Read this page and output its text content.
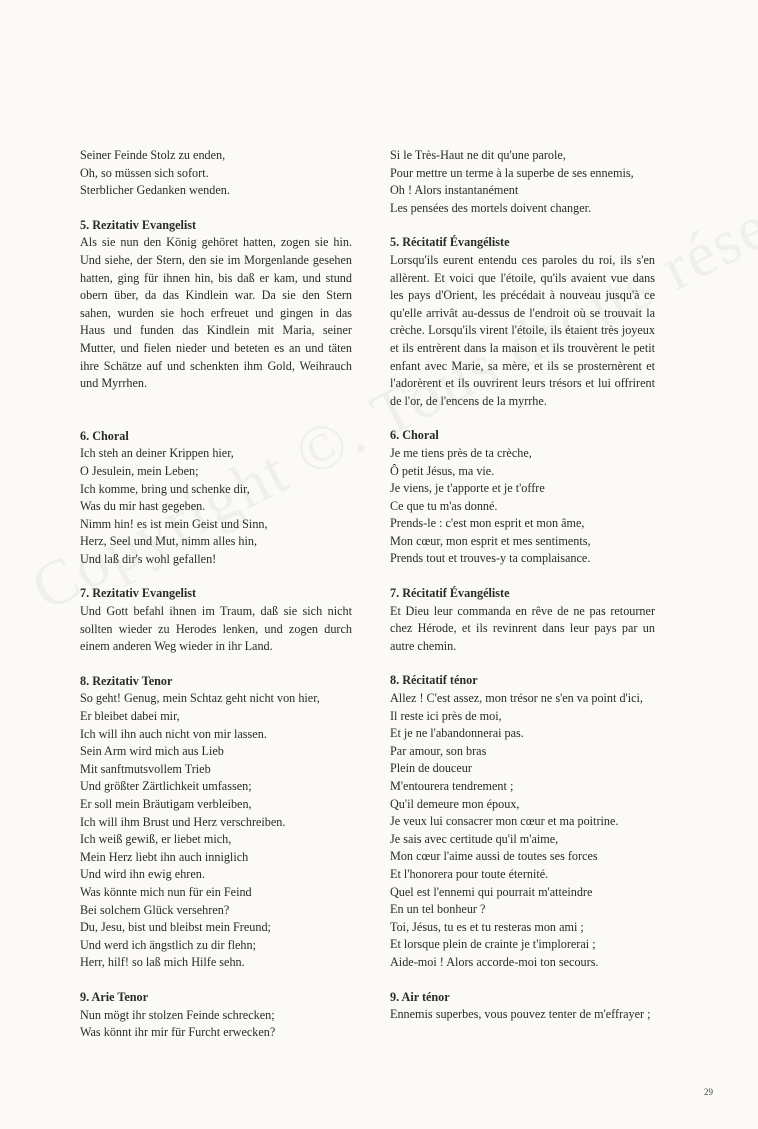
Seiner Feinde Stolz zu enden,
Oh, so müssen sich sofort.
Sterblicher Gedanken wenden.
5. Rezitativ Evangelist
Als sie nun den König gehöret hatten, zogen sie hin. Und siehe, der Stern, den sie im Morgenlande gesehen hatten, ging für ihnen hin, bis daß er kam, und stund obern über, da das Kindlein war. Da sie den Stern sahen, wurden sie hoch erfreuet und gingen in das Haus und funden das Kindlein mit Maria, seiner Mutter, und fielen nieder und beteten es an und täten ihre Schätze auf und schenkten ihm Gold, Weihrauch und Myrrhen.
6. Choral
Ich steh an deiner Krippen hier,
O Jesulein, mein Leben;
Ich komme, bring und schenke dir,
Was du mir hast gegeben.
Nimm hin! es ist mein Geist und Sinn,
Herz, Seel und Mut, nimm alles hin,
Und laß dir's wohl gefallen!
7. Rezitativ Evangelist
Und Gott befahl ihnen im Traum, daß sie sich nicht sollten wieder zu Herodes lenken, und zogen durch einem anderen Weg wieder in ihr Land.
8. Rezitativ Tenor
So geht! Genug, mein Schtaz geht nicht von hier,
Er bleibet dabei mir,
Ich will ihn auch nicht von mir lassen.
Sein Arm wird mich aus Lieb
Mit sanftmutsvollem Trieb
Und größter Zärtlichkeit umfassen;
Er soll mein Bräutigam verbleiben,
Ich will ihm Brust und Herz verschreiben.
Ich weiß gewiß, er liebet mich,
Mein Herz liebt ihn auch inniglich
Und wird ihn ewig ehren.
Was könnte mich nun für ein Feind
Bei solchem Glück versehren?
Du, Jesu, bist und bleibst mein Freund;
Und werd ich ängstlich zu dir flehn;
Herr, hilf! so laß mich Hilfe sehn.
9. Arie Tenor
Nun mögt ihr stolzen Feinde schrecken;
Was könnt ihr mir für Furcht erwecken?
Si le Très-Haut ne dit qu'une parole,
Pour mettre un terme à la superbe de ses ennemis,
Oh ! Alors instantanément
Les pensées des mortels doivent changer.
5. Récitatif Évangéliste
Lorsqu'ils eurent entendu ces paroles du roi, ils s'en allèrent. Et voici que l'étoile, qu'ils avaient vue dans les pays d'Orient, les précédait à nouveau jusqu'à ce qu'elle arrivât au-dessus de l'endroit où se trouvait la crèche. Lorsqu'ils virent l'étoile, ils étaient très joyeux et ils entrèrent dans la maison et ils trouvèrent le petit enfant avec Marie, sa mère, et ils se prosternèrent et l'adorèrent et ils ouvrirent leurs trésors et lui offrirent de l'or, de l'encens de la myrrhe.
6. Choral
Je me tiens près de ta crèche,
Ô petit Jésus, ma vie.
Je viens, je t'apporte et je t'offre
Ce que tu m'as donné.
Prends-le : c'est mon esprit et mon âme,
Mon cœur, mon esprit et mes sentiments,
Prends tout et trouves-y ta complaisance.
7. Récitatif Évangéliste
Et Dieu leur commanda en rêve de ne pas retourner chez Hérode, et ils revinrent dans leur pays par un autre chemin.
8. Récitatif ténor
Allez ! C'est assez, mon trésor ne s'en va point d'ici,
Il reste ici près de moi,
Et je ne l'abandonnerai pas.
Par amour, son bras
Plein de douceur
M'entourera tendrement ;
Qu'il demeure mon époux,
Je veux lui consacrer mon cœur et ma poitrine.
Je sais avec certitude qu'il m'aime,
Mon cœur l'aime aussi de toutes ses forces
Et l'honorera pour toute éternité.
Quel est l'ennemi qui pourrait m'atteindre
En un tel bonheur ?
Toi, Jésus, tu es et tu resteras mon ami ;
Et lorsque plein de crainte je t'implorerai ;
Aide-moi ! Alors accorde-moi ton secours.
9. Air ténor
Ennemis superbes, vous pouvez tenter de m'effrayer ;
29
